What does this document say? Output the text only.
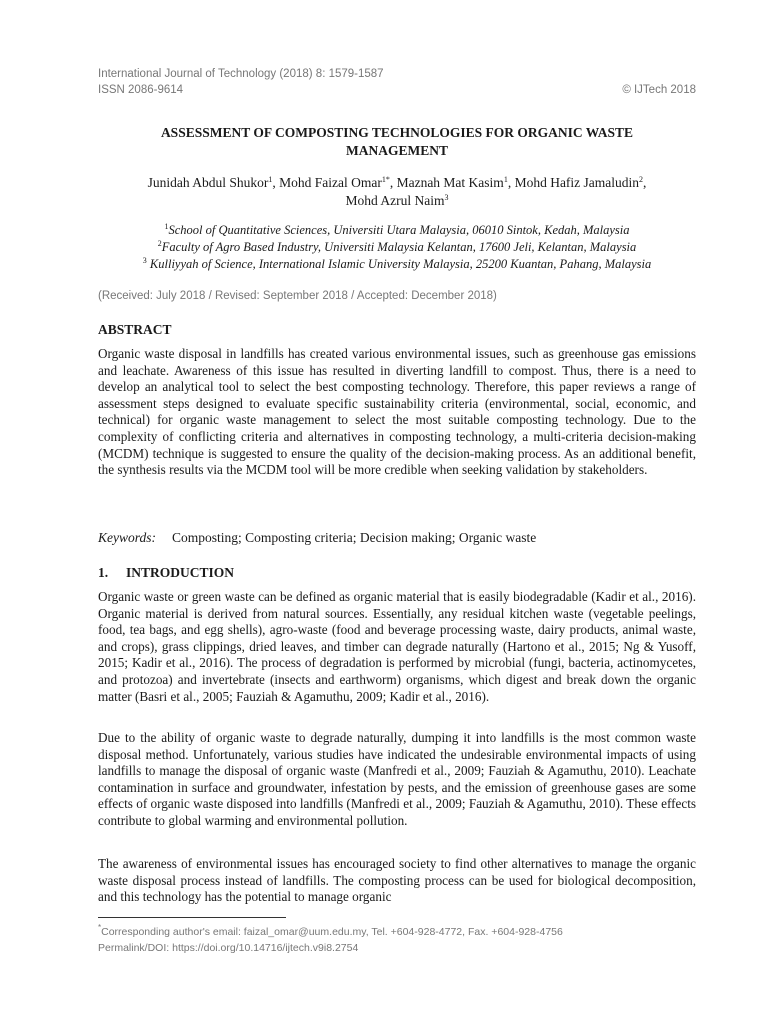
International Journal of Technology (2018) 8: 1579-1587
ISSN 2086-9614	© IJTech 2018
ASSESSMENT OF COMPOSTING TECHNOLOGIES FOR ORGANIC WASTE
MANAGEMENT
Junidah Abdul Shukor$^1$, Mohd Faizal Omar$^{1*}$, Maznah Mat Kasim$^1$, Mohd Hafiz Jamaludin$^2$,
Mohd Azrul Naim$^3$
$^1$School of Quantitative Sciences, Universiti Utara Malaysia, 06010 Sintok, Kedah, Malaysia
$^2$Faculty of Agro Based Industry, Universiti Malaysia Kelantan, 17600 Jeli, Kelantan, Malaysia
$^3$ Kulliyyah of Science, International Islamic University Malaysia, 25200 Kuantan, Pahang, Malaysia
(Received: July 2018 / Revised: September 2018 / Accepted: December 2018)
ABSTRACT

Organic waste disposal in landfills has created various environmental issues, such as greenhouse gas emissions and leachate. Awareness of this issue has resulted in diverting landfill to compost. Thus, there is a need to develop an analytical tool to select the best composting technology. Therefore, this paper reviews a range of assessment steps designed to evaluate specific sustainability criteria (environmental, social, economic, and technical) for organic waste management to select the most suitable composting technology. Due to the complexity of conflicting criteria and alternatives in composting technology, a multi-criteria decision-making (MCDM) technique is suggested to ensure the quality of the decision-making process. As an additional benefit, the synthesis results via the MCDM tool will be more credible when seeking validation by stakeholders.

Keywords: Composting; Composting criteria; Decision making; Organic waste
1. INTRODUCTION

Organic waste or green waste can be defined as organic material that is easily biodegradable (Kadir et al., 2016). Organic material is derived from natural sources. Essentially, any residual kitchen waste (vegetable peelings, food, tea bags, and egg shells), agro-waste (food and beverage processing waste, dairy products, animal waste, and crops), grass clippings, dried leaves, and timber can degrade naturally (Hartono et al., 2015; Ng & Yusoff, 2015; Kadir et al., 2016). The process of degradation is performed by microbial (fungi, bacteria, actinomycetes, and protozoa) and invertebrate (insects and earthworm) organisms, which digest and break down the organic matter (Basri et al., 2005; Fauziah & Agamuthu, 2009; Kadir et al., 2016).

Due to the ability of organic waste to degrade naturally, dumping it into landfills is the most common waste disposal method. Unfortunately, various studies have indicated the undesirable environmental impacts of using landfills to manage the disposal of organic waste (Manfredi et al., 2009; Fauziah & Agamuthu, 2010). Leachate contamination in surface and groundwater, infestation by pests, and the emission of greenhouse gases are some effects of organic waste disposed into landfills (Manfredi et al., 2009; Fauziah & Agamuthu, 2010). These effects contribute to global warming and environmental pollution.

The awareness of environmental issues has encouraged society to find other alternatives to manage the organic waste disposal process instead of landfills. The composting process can be used for biological decomposition, and this technology has the potential to manage organic

*Corresponding author's email: faizal_omar@uum.edu.my, Tel. +604-928-4772, Fax. +604-928-4756
Permalink/DOI: https://doi.org/10.14716/ijtech.v9i8.2754
